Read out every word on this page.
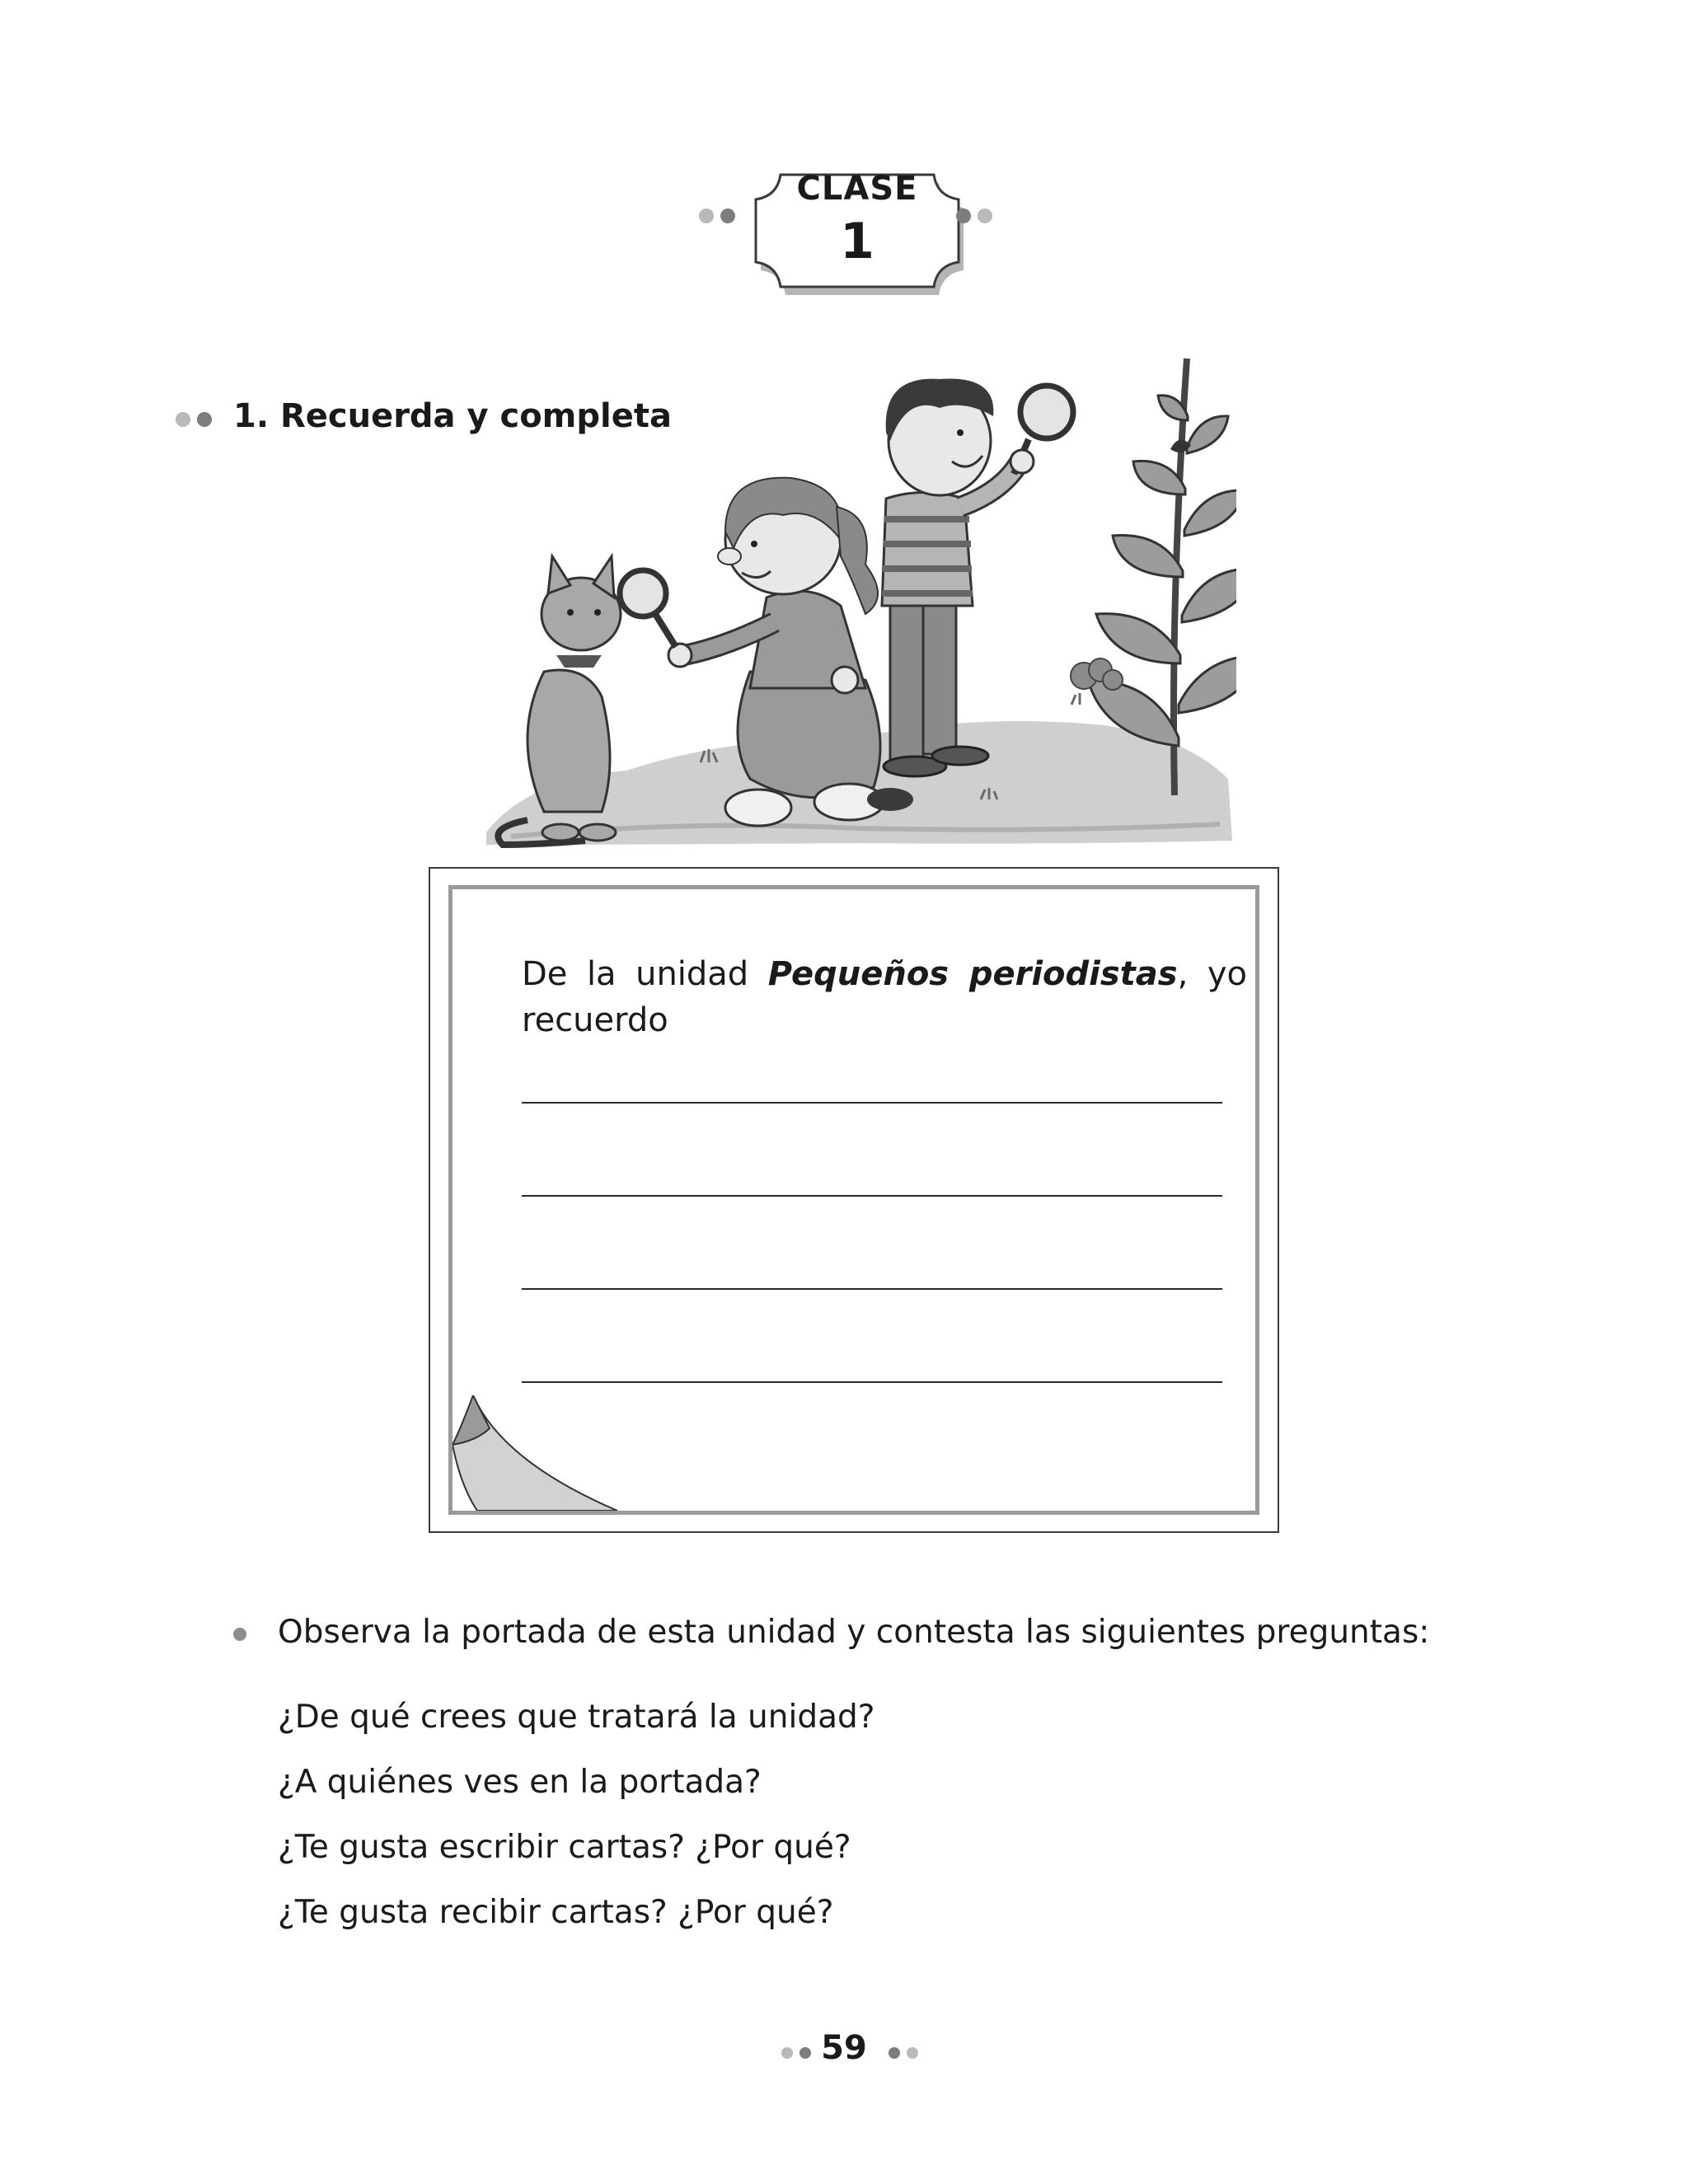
CLASE
1
1. Recuerda y completa
De la unidad Pequeños periodistas, yo
recuerdo
Observa la portada de esta unidad y contesta las siguientes preguntas:
¿De qué crees que tratará la unidad?
¿A quiénes ves en la portada?
¿Te gusta escribir cartas? ¿Por qué?
¿Te gusta recibir cartas? ¿Por qué?
59
